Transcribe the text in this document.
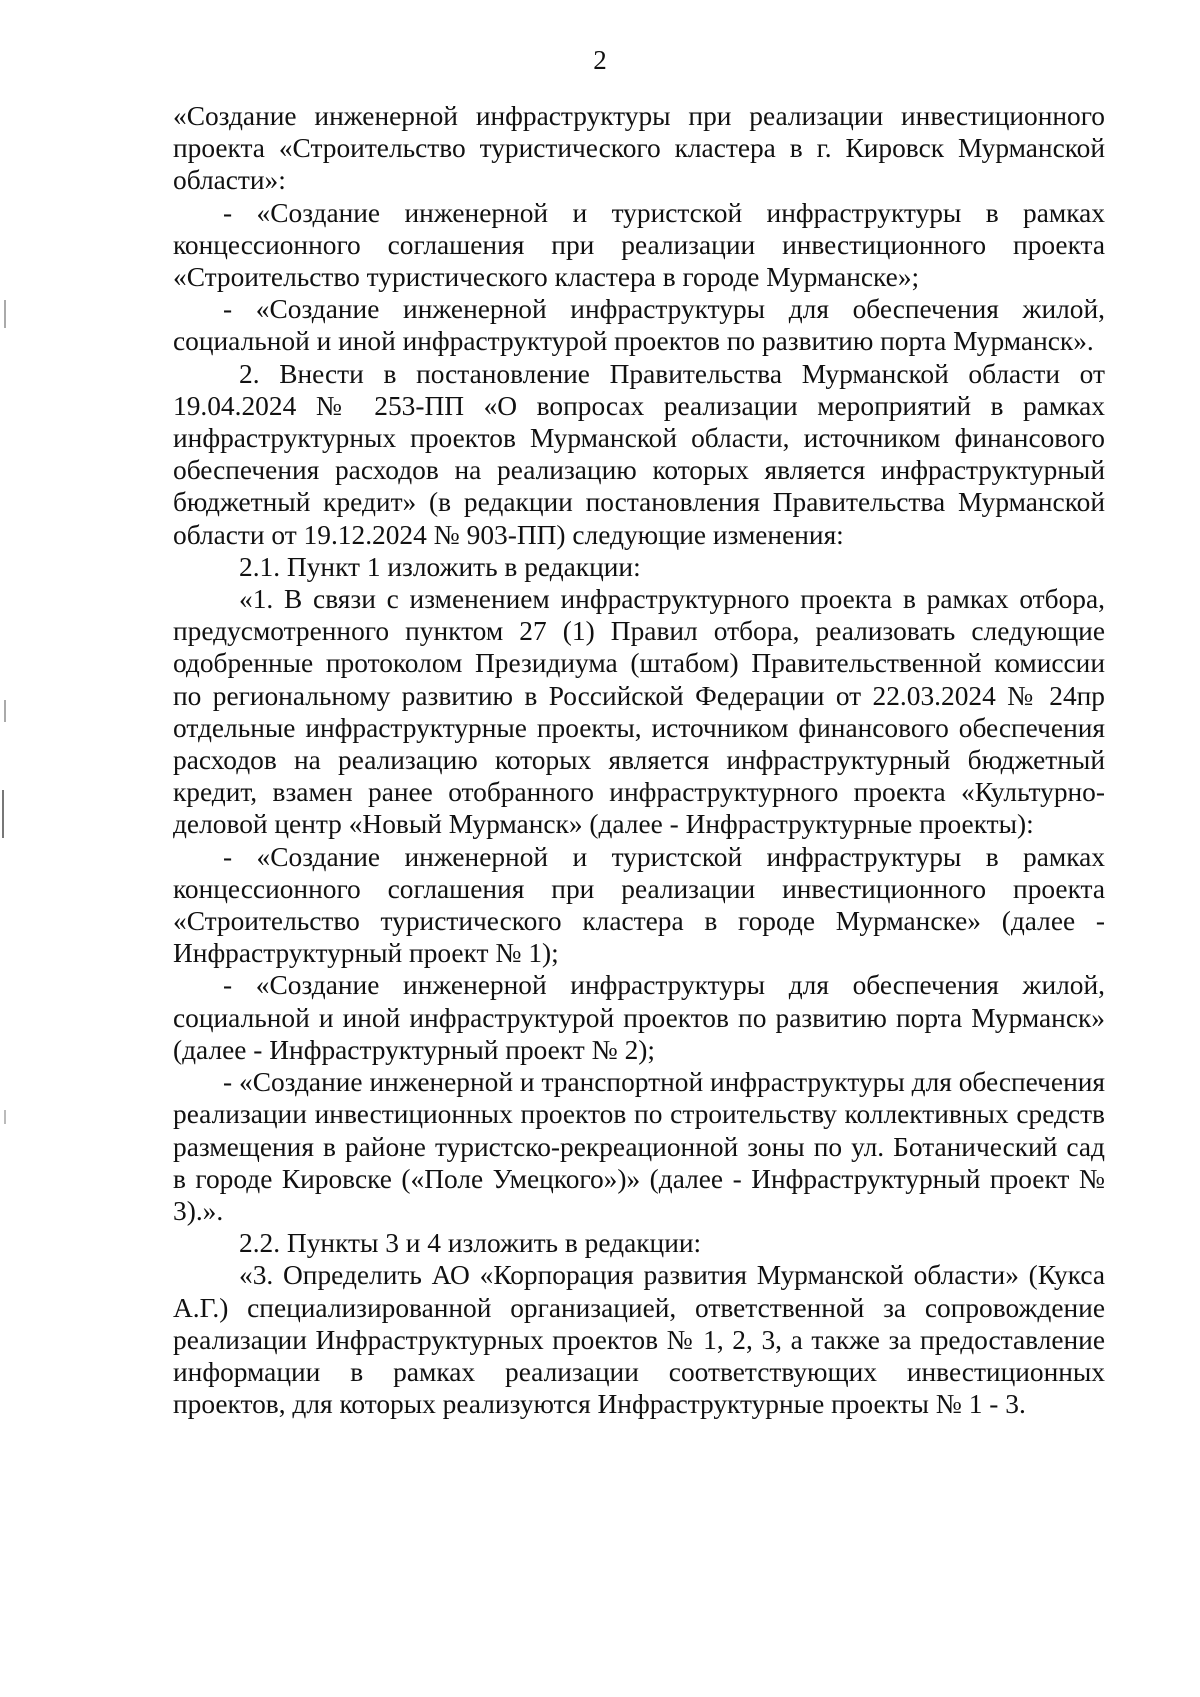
2

«Создание инженерной инфраструктуры при реализации инвестиционного проекта «Строительство туристического кластера в г. Кировск Мурманской области»:

- «Создание инженерной и туристской инфраструктуры в рамках концессионного соглашения при реализации инвестиционного проекта «Строительство туристического кластера в городе Мурманске»;

- «Создание инженерной инфраструктуры для обеспечения жилой, социальной и иной инфраструктурой проектов по развитию порта Мурманск».

2. Внести в постановление Правительства Мурманской области от 19.04.2024 № 253-ПП «О вопросах реализации мероприятий в рамках инфраструктурных проектов Мурманской области, источником финансового обеспечения расходов на реализацию которых является инфраструктурный бюджетный кредит» (в редакции постановления Правительства Мурманской области от 19.12.2024 № 903-ПП) следующие изменения:

2.1. Пункт 1 изложить в редакции:

«1. В связи с изменением инфраструктурного проекта в рамках отбора, предусмотренного пунктом 27 (1) Правил отбора, реализовать следующие одобренные протоколом Президиума (штабом) Правительственной комиссии по региональному развитию в Российской Федерации от 22.03.2024 № 24пр отдельные инфраструктурные проекты, источником финансового обеспечения расходов на реализацию которых является инфраструктурный бюджетный кредит, взамен ранее отобранного инфраструктурного проекта «Культурно-деловой центр «Новый Мурманск» (далее - Инфраструктурные проекты):

- «Создание инженерной и туристской инфраструктуры в рамках концессионного соглашения при реализации инвестиционного проекта «Строительство туристического кластера в городе Мурманске» (далее - Инфраструктурный проект № 1);

- «Создание инженерной инфраструктуры для обеспечения жилой, социальной и иной инфраструктурой проектов по развитию порта Мурманск» (далее - Инфраструктурный проект № 2);

- «Создание инженерной и транспортной инфраструктуры для обеспечения реализации инвестиционных проектов по строительству коллективных средств размещения в районе туристско-рекреационной зоны по ул. Ботанический сад в городе Кировске («Поле Умецкого»)» (далее - Инфраструктурный проект № 3).».

2.2. Пункты 3 и 4 изложить в редакции:

«3. Определить АО «Корпорация развития Мурманской области» (Кукса А.Г.) специализированной организацией, ответственной за сопровождение реализации Инфраструктурных проектов № 1, 2, 3, а также за предоставление информации в рамках реализации соответствующих инвестиционных проектов, для которых реализуются Инфраструктурные проекты № 1 - 3.
